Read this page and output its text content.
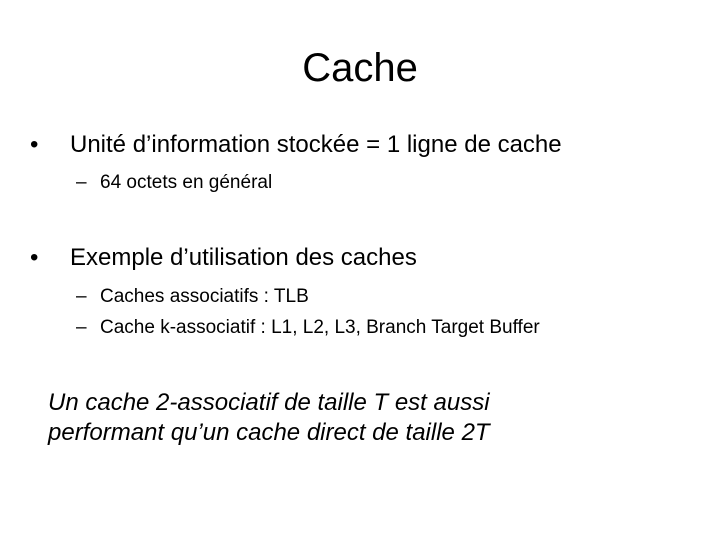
Cache
• Unité d’information stockée = 1 ligne de cache
– 64 octets en général
• Exemple d’utilisation des caches
– Caches associatifs : TLB
– Cache k-associatif : L1, L2, L3, Branch Target Buffer
Un cache 2-associatif de taille T est aussi
performant qu’un cache direct de taille 2T
